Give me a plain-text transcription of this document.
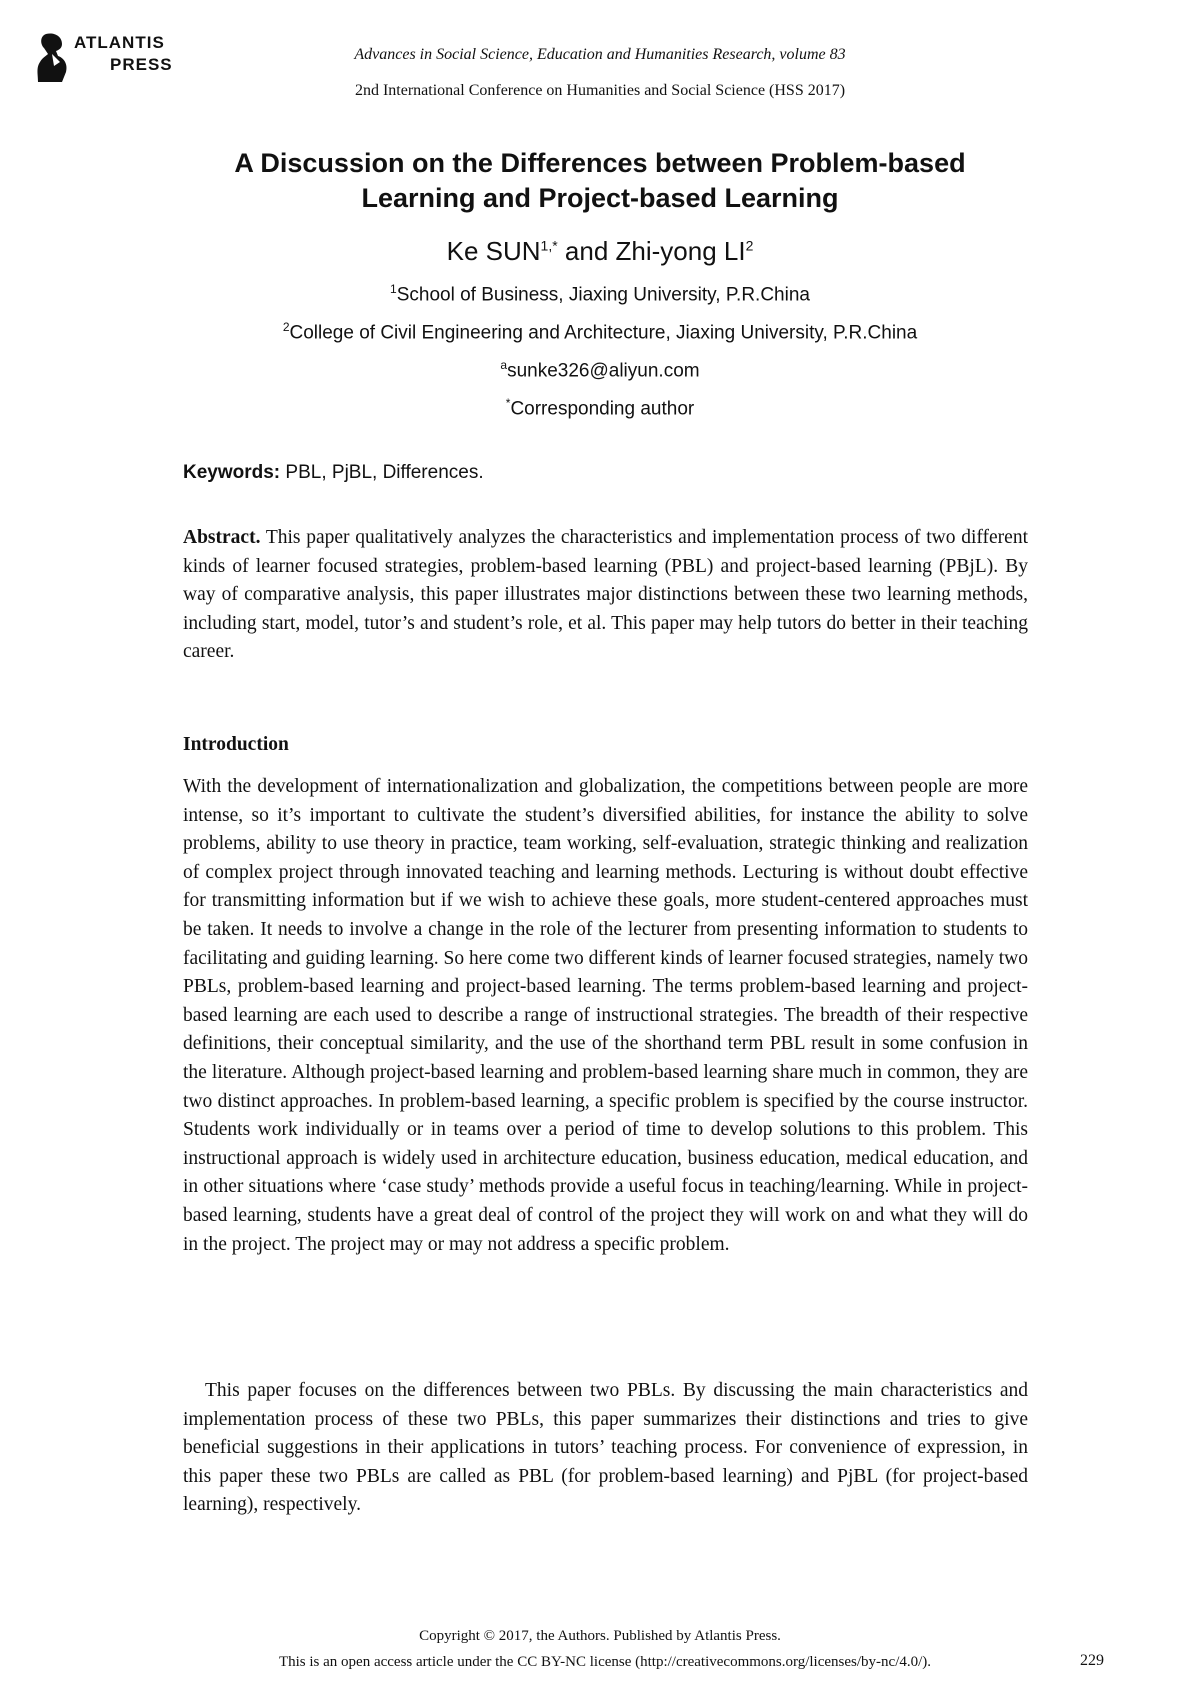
ATLANTIS
PRESS
Advances in Social Science, Education and Humanities Research, volume 83
2nd International Conference on Humanities and Social Science (HSS 2017)
A Discussion on the Differences between Problem-based
Learning and Project-based Learning
Ke $SUN^{1,*}$ and Zhi-yong $LI^2$
$^1$School of Business, Jiaxing University, P.R.China
$^2$College of Civil Engineering and Architecture, Jiaxing University, P.R.China
$^a$sunke326@aliyun.com
*Corresponding author
Keywords: PBL, PjBL, Differences.
Abstract. This paper qualitatively analyzes the characteristics and implementation process of two different kinds of learner focused strategies, problem-based learning (PBL) and project-based learning (PBjL). By way of comparative analysis, this paper illustrates major distinctions between these two learning methods, including start, model, tutor’s and student’s role, et al. This paper may help tutors do better in their teaching career.
Introduction
With the development of internationalization and globalization, the competitions between people are more intense, so it’s important to cultivate the student’s diversified abilities, for instance the ability to solve problems, ability to use theory in practice, team working, self-evaluation, strategic thinking and realization of complex project through innovated teaching and learning methods. Lecturing is without doubt effective for transmitting information but if we wish to achieve these goals, more student-centered approaches must be taken. It needs to involve a change in the role of the lecturer from presenting information to students to facilitating and guiding learning. So here come two different kinds of learner focused strategies, namely two PBLs, problem-based learning and project-based learning. The terms problem-based learning and project-based learning are each used to describe a range of instructional strategies. The breadth of their respective definitions, their conceptual similarity, and the use of the shorthand term PBL result in some confusion in the literature. Although project-based learning and problem-based learning share much in common, they are two distinct approaches. In problem-based learning, a specific problem is specified by the course instructor. Students work individually or in teams over a period of time to develop solutions to this problem. This instructional approach is widely used in architecture education, business education, medical education, and in other situations where ‘case study’ methods provide a useful focus in teaching/learning. While in project-based learning, students have a great deal of control of the project they will work on and what they will do in the project. The project may or may not address a specific problem.
This paper focuses on the differences between two PBLs. By discussing the main characteristics and implementation process of these two PBLs, this paper summarizes their distinctions and tries to give beneficial suggestions in their applications in tutors’ teaching process. For convenience of expression, in this paper these two PBLs are called as PBL (for problem-based learning) and PjBL (for project-based learning), respectively.
Copyright © 2017, the Authors. Published by Atlantis Press.
This is an open access article under the CC BY-NC license (http://creativecommons.org/licenses/by-nc/4.0/).	229
